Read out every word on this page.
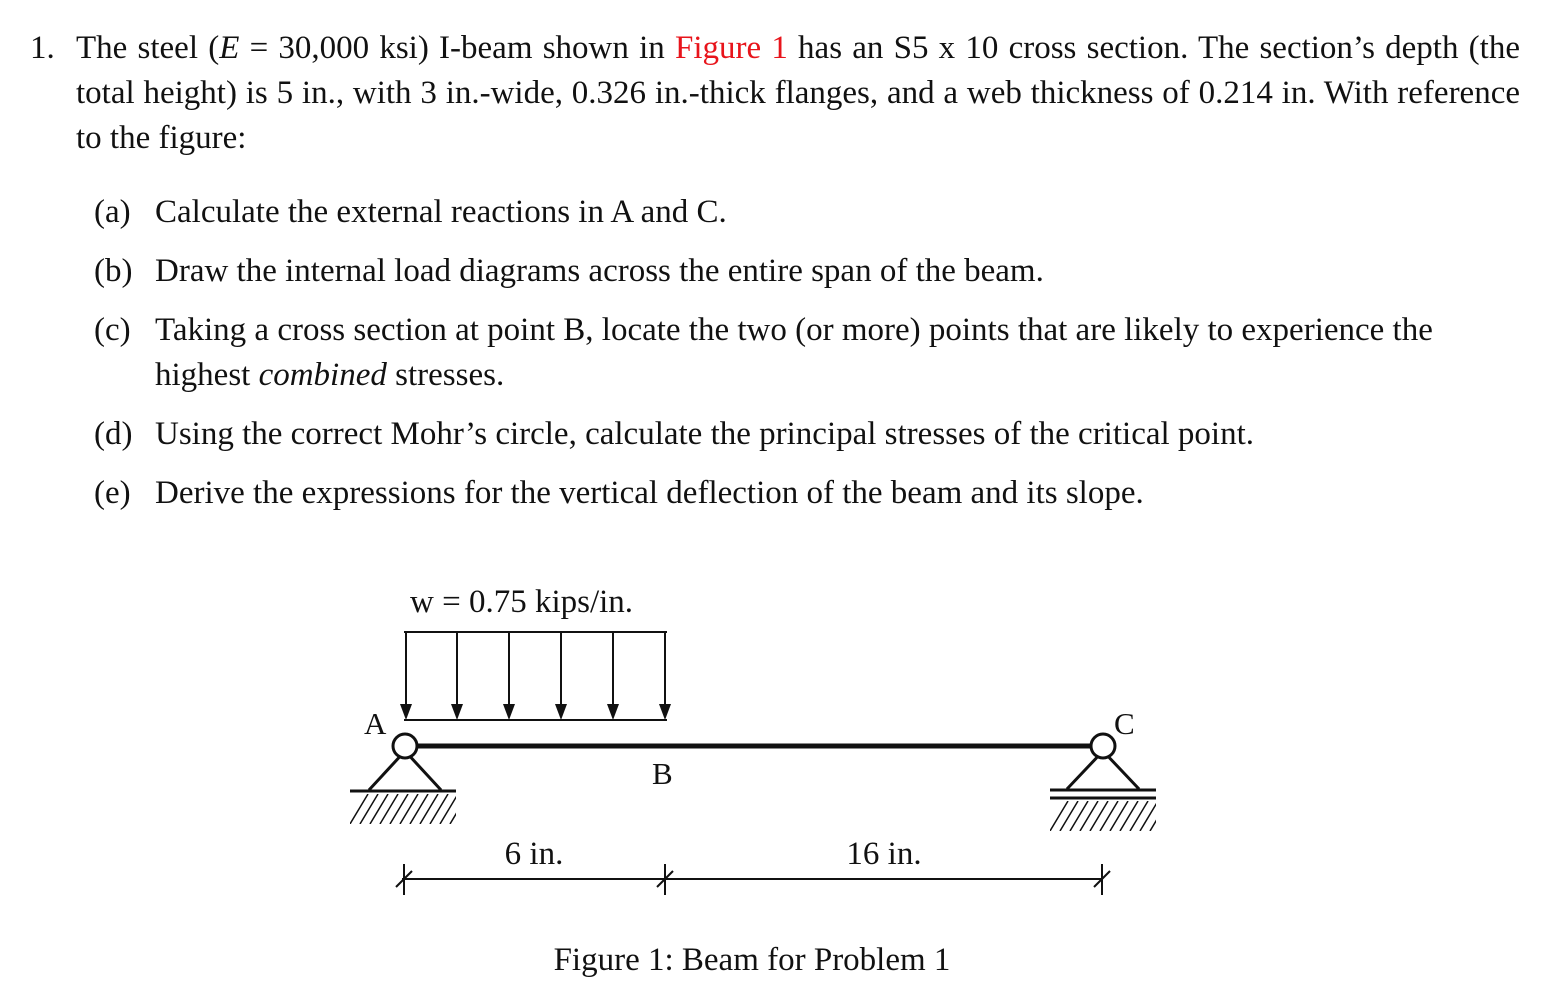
1. The steel (E = 30,000 ksi) I-beam shown in Figure 1 has an S5 x 10 cross section. The section’s depth (the total height) is 5 in., with 3 in.-wide, 0.326 in.-thick flanges, and a web thickness of 0.214 in. With reference to the figure:
(a) Calculate the external reactions in A and C.
(b) Draw the internal load diagrams across the entire span of the beam.
(c) Taking a cross section at point B, locate the two (or more) points that are likely to experience the highest combined stresses.
(d) Using the correct Mohr’s circle, calculate the principal stresses of the critical point.
(e) Derive the expressions for the vertical deflection of the beam and its slope.
w = 0.75 kips/in.
A	C
B
6 in.	16 in.
Figure 1: Beam for Problem 1
